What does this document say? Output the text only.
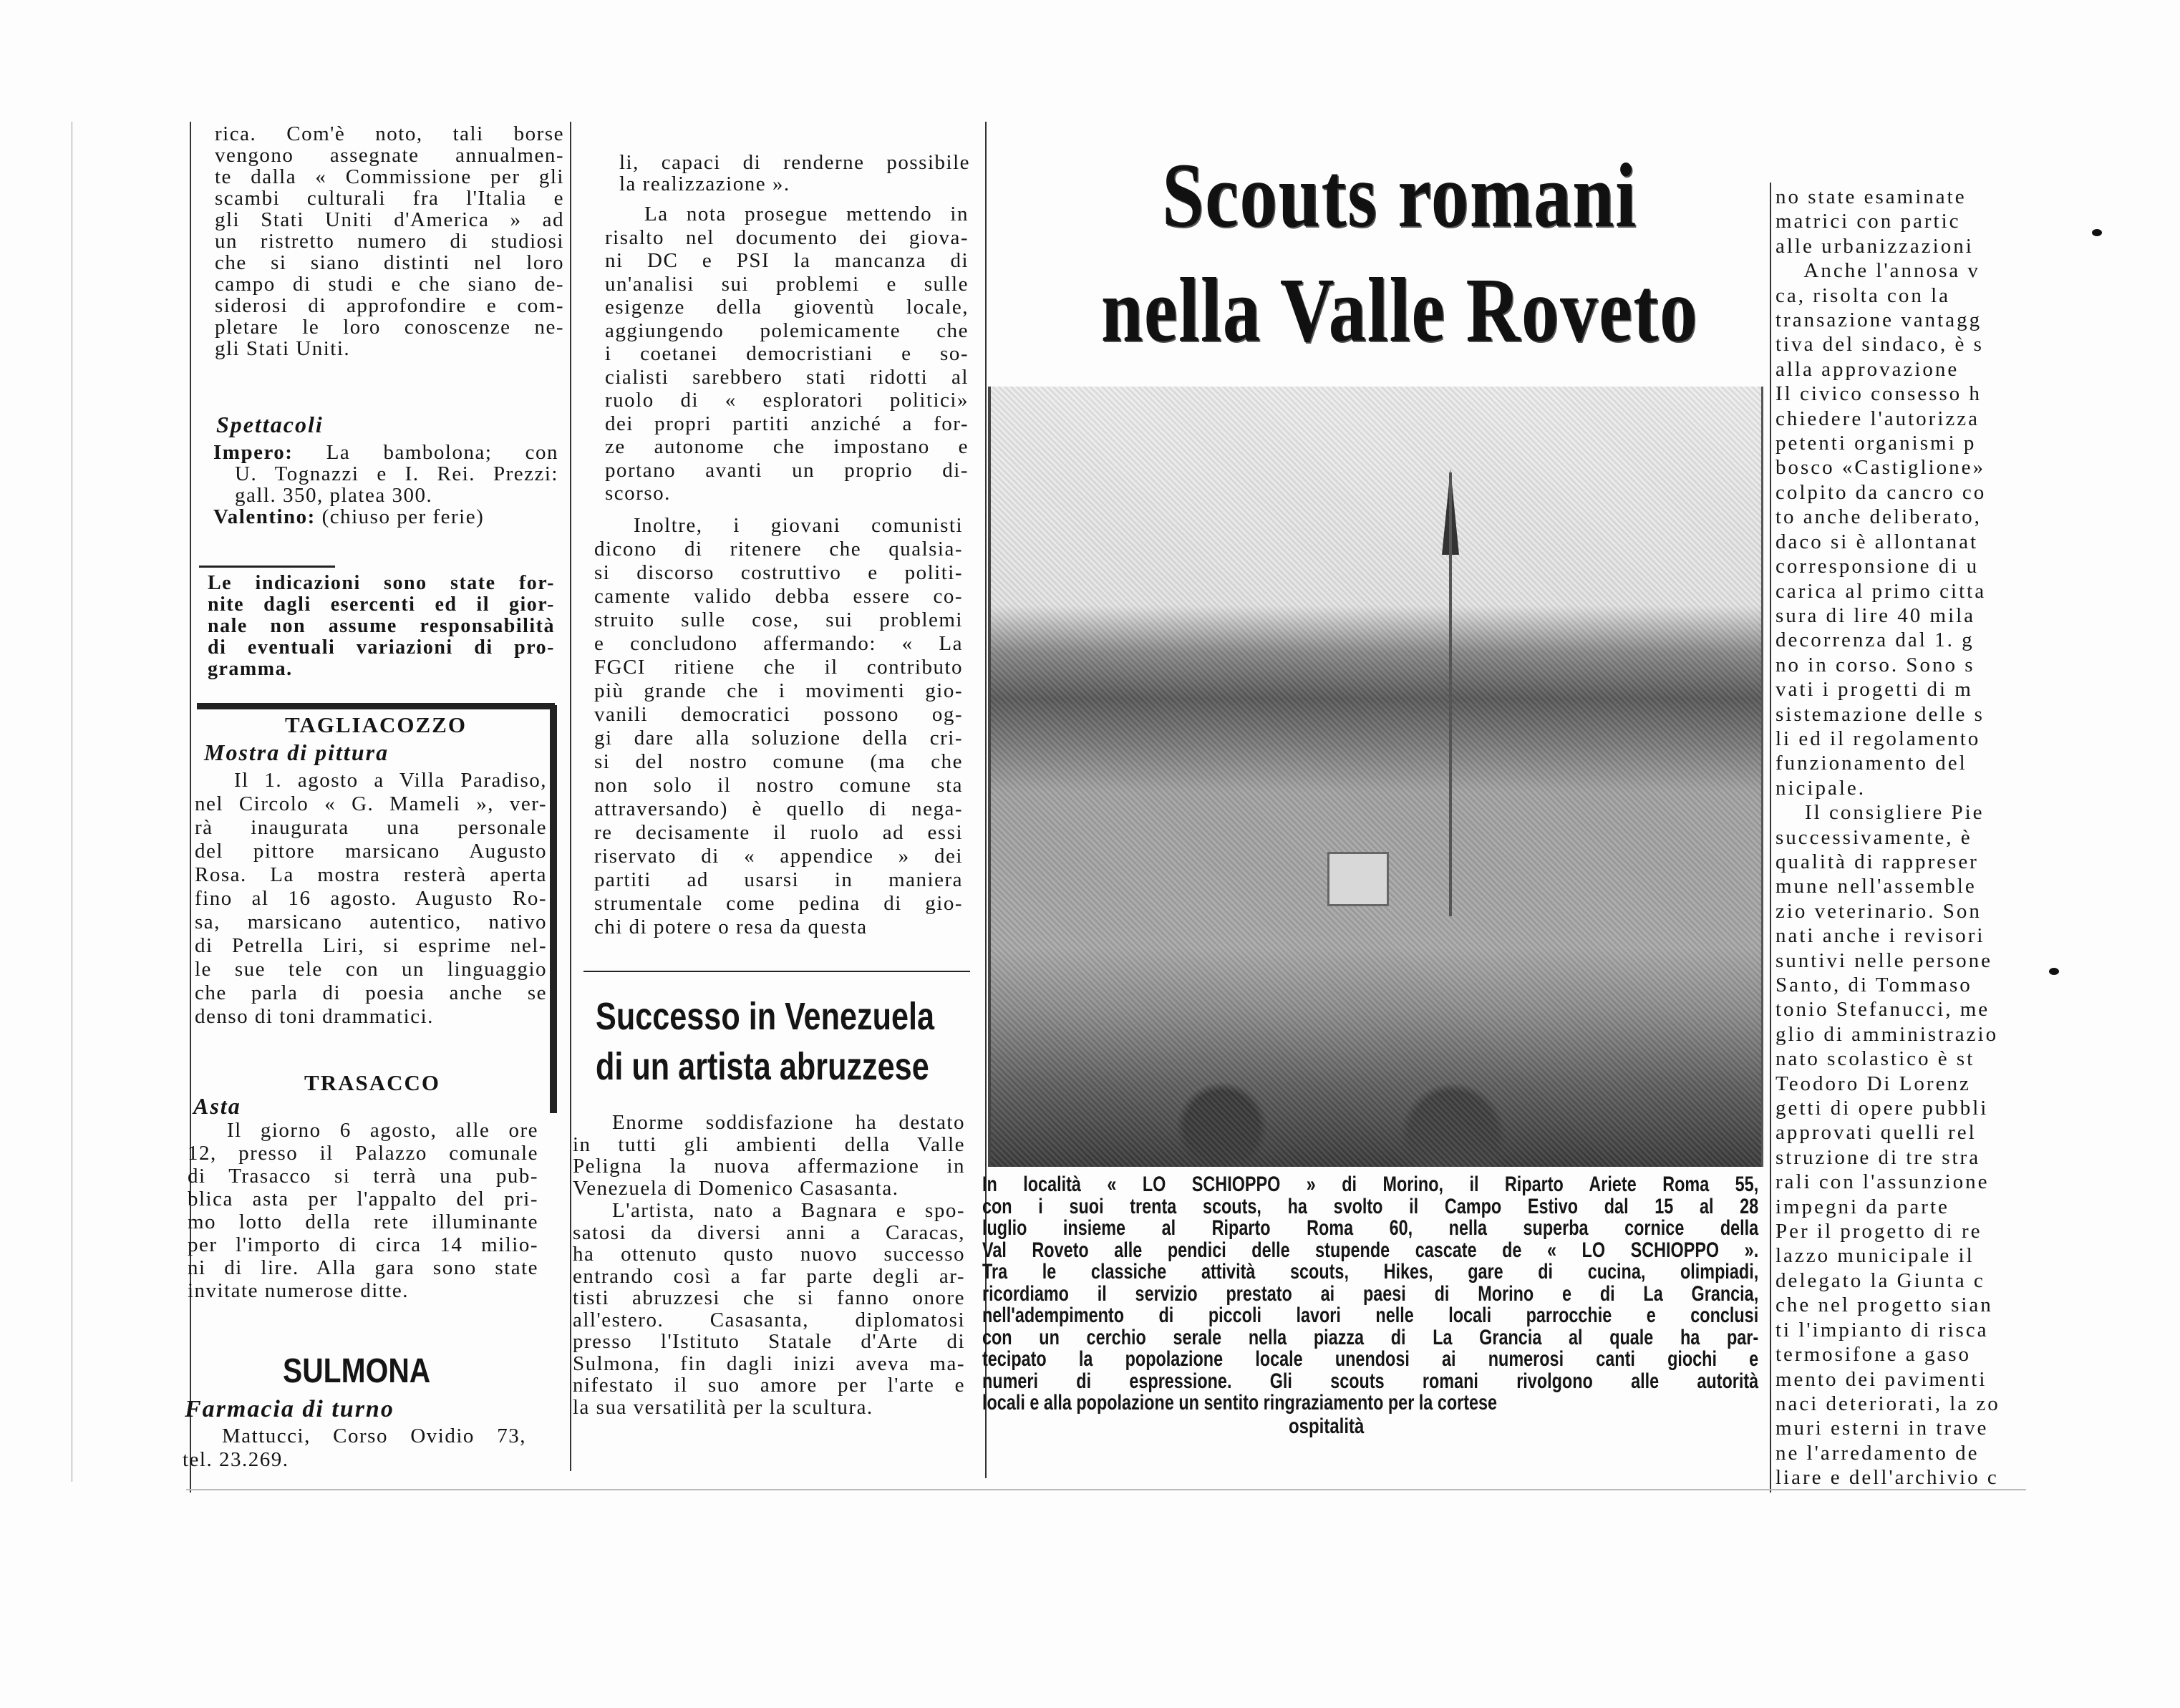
rica. Com'è noto, tali borse
vengono assegnate annualmen-
te dalla « Commissione per gli
scambi culturali fra l'Italia e
gli Stati Uniti d'America » ad
un ristretto numero di studiosi
che si siano distinti nel loro
campo di studi e che siano de-
siderosi di approfondire e com-
pletare le loro conoscenze ne-
gli Stati Uniti.
Spettacoli
Impero: La bambolona; con
U. Tognazzi e I. Rei. Prezzi:
gall. 350, platea 300.
Valentino: (chiuso per ferie)
Le indicazioni sono state for-
nite dagli esercenti ed il gior-
nale non assume responsabilità
di eventuali variazioni di pro-
gramma.
TAGLIACOZZO
Mostra di pittura
Il 1. agosto a Villa Paradiso,
nel Circolo « G. Mameli », ver-
rà inaugurata una personale
del pittore marsicano Augusto
Rosa. La mostra resterà aperta
fino al 16 agosto. Augusto Ro-
sa, marsicano autentico, nativo
di Petrella Liri, si esprime nel-
le sue tele con un linguaggio
che parla di poesia anche se
denso di toni drammatici.
TRASACCO
Asta
Il giorno 6 agosto, alle ore
12, presso il Palazzo comunale
di Trasacco si terrà una pub-
blica asta per l'appalto del pri-
mo lotto della rete illuminante
per l'importo di circa 14 milio-
ni di lire. Alla gara sono state
invitate numerose ditte.
SULMONA
Farmacia di turno
Mattucci, Corso Ovidio 73,
tel. 23.269.
li, capaci di renderne possibile
la realizzazione ».
La nota prosegue mettendo in
risalto nel documento dei giova-
ni DC e PSI la mancanza di
un'analisi sui problemi e sulle
esigenze della gioventù locale,
aggiungendo polemicamente che
i coetanei democristiani e so-
cialisti sarebbero stati ridotti al
ruolo di « esploratori politici»
dei propri partiti anziché a for-
ze autonome che impostano e
portano avanti un proprio di-
scorso.
Inoltre, i giovani comunisti
dicono di ritenere che qualsia-
si discorso costruttivo e politi-
camente valido debba essere co-
struito sulle cose, sui problemi
e concludono affermando: « La
FGCI ritiene che il contributo
più grande che i movimenti gio-
vanili democratici possono og-
gi dare alla soluzione della cri-
si del nostro comune (ma che
non solo il nostro comune sta
attraversando) è quello di nega-
re decisamente il ruolo ad essi
riservato di « appendice » dei
partiti ad usarsi in maniera
strumentale come pedina di gio-
chi di potere o resa da questa
Successo in Venezuela
di un artista abruzzese
Enorme soddisfazione ha destato
in tutti gli ambienti della Valle
Peligna la nuova affermazione in
Venezuela di Domenico Casasanta.
L'artista, nato a Bagnara e spo-
satosi da diversi anni a Caracas,
ha ottenuto qusto nuovo successo
entrando così a far parte degli ar-
tisti abruzzesi che si fanno onore
all'estero. Casasanta, diplomatosi
presso l'Istituto Statale d'Arte di
Sulmona, fin dagli inizi aveva ma-
nifestato il suo amore per l'arte e
la sua versatilità per la scultura.
Scouts romani
nella Valle Roveto
In località « LO SCHIOPPO » di Morino, il Riparto Ariete Roma 55,
con i suoi trenta scouts, ha svolto il Campo Estivo dal 15 al 28
luglio insieme al Riparto Roma 60, nella superba cornice della
Val Roveto alle pendici delle stupende cascate de « LO SCHIOPPO ».
Tra le classiche attività scouts, Hikes, gare di cucina, olimpiadi,
ricordiamo il servizio prestato ai paesi di Morino e di La Grancia,
nell'adempimento di piccoli lavori nelle locali parrocchie e conclusi
con un cerchio serale nella piazza di La Grancia al quale ha par-
tecipato la popolazione locale unendosi ai numerosi canti giochi e
numeri di espressione. Gli scouts romani rivolgono alle autorità
locali e alla popolazione un sentito ringraziamento per la cortese
ospitalità
no state esaminate
matrici con partic
alle urbanizzazioni
Anche l'annosa v
ca, risolta con la
transazione vantagg
tiva del sindaco, è s
alla approvazione
Il civico consesso h
chiedere l'autorizza
petenti organismi p
bosco «Castiglione»
colpito da cancro co
to anche deliberato,
daco si è allontanat
corresponsione di u
carica al primo citta
sura di lire 40 mila
decorrenza dal 1. g
no in corso. Sono s
vati i progetti di m
sistemazione delle s
li ed il regolamento
funzionamento del
nicipale.
Il consigliere Pie
successivamente, è
qualità di rappreser
mune nell'assemble
zio veterinario. Son
nati anche i revisori
suntivi nelle persone
Santo, di Tommaso
tonio Stefanucci, me
glio di amministrazio
nato scolastico è st
Teodoro Di Lorenz
getti di opere pubbli
approvati quelli rel
struzione di tre stra
rali con l'assunzione
impegni da parte
Per il progetto di re
lazzo municipale il
delegato la Giunta c
che nel progetto sian
ti l'impianto di risca
termosifone a gaso
mento dei pavimenti
naci deteriorati, la zo
muri esterni in trave
ne l'arredamento de
liare e dell'archivio c
